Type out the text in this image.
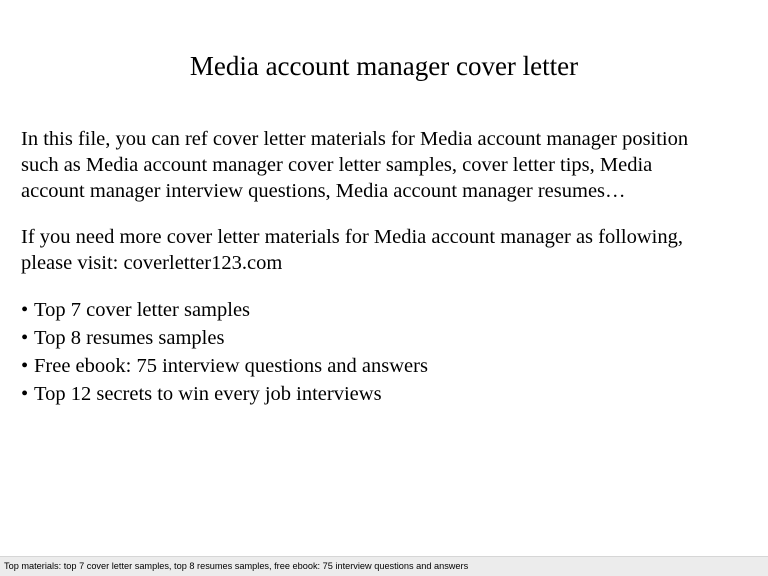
Media account manager cover letter

In this file, you can ref cover letter materials for Media account manager position
such as Media account manager cover letter samples, cover letter tips, Media
account manager interview questions, Media account manager resumes…

If you need more cover letter materials for Media account manager as following,
please visit: coverletter123.com

• Top 7 cover letter samples
• Top 8 resumes samples
• Free ebook: 75 interview questions and answers
• Top 12 secrets to win every job interviews
Top materials: top 7 cover letter samples, top 8 resumes samples, free ebook: 75 interview questions and answers
